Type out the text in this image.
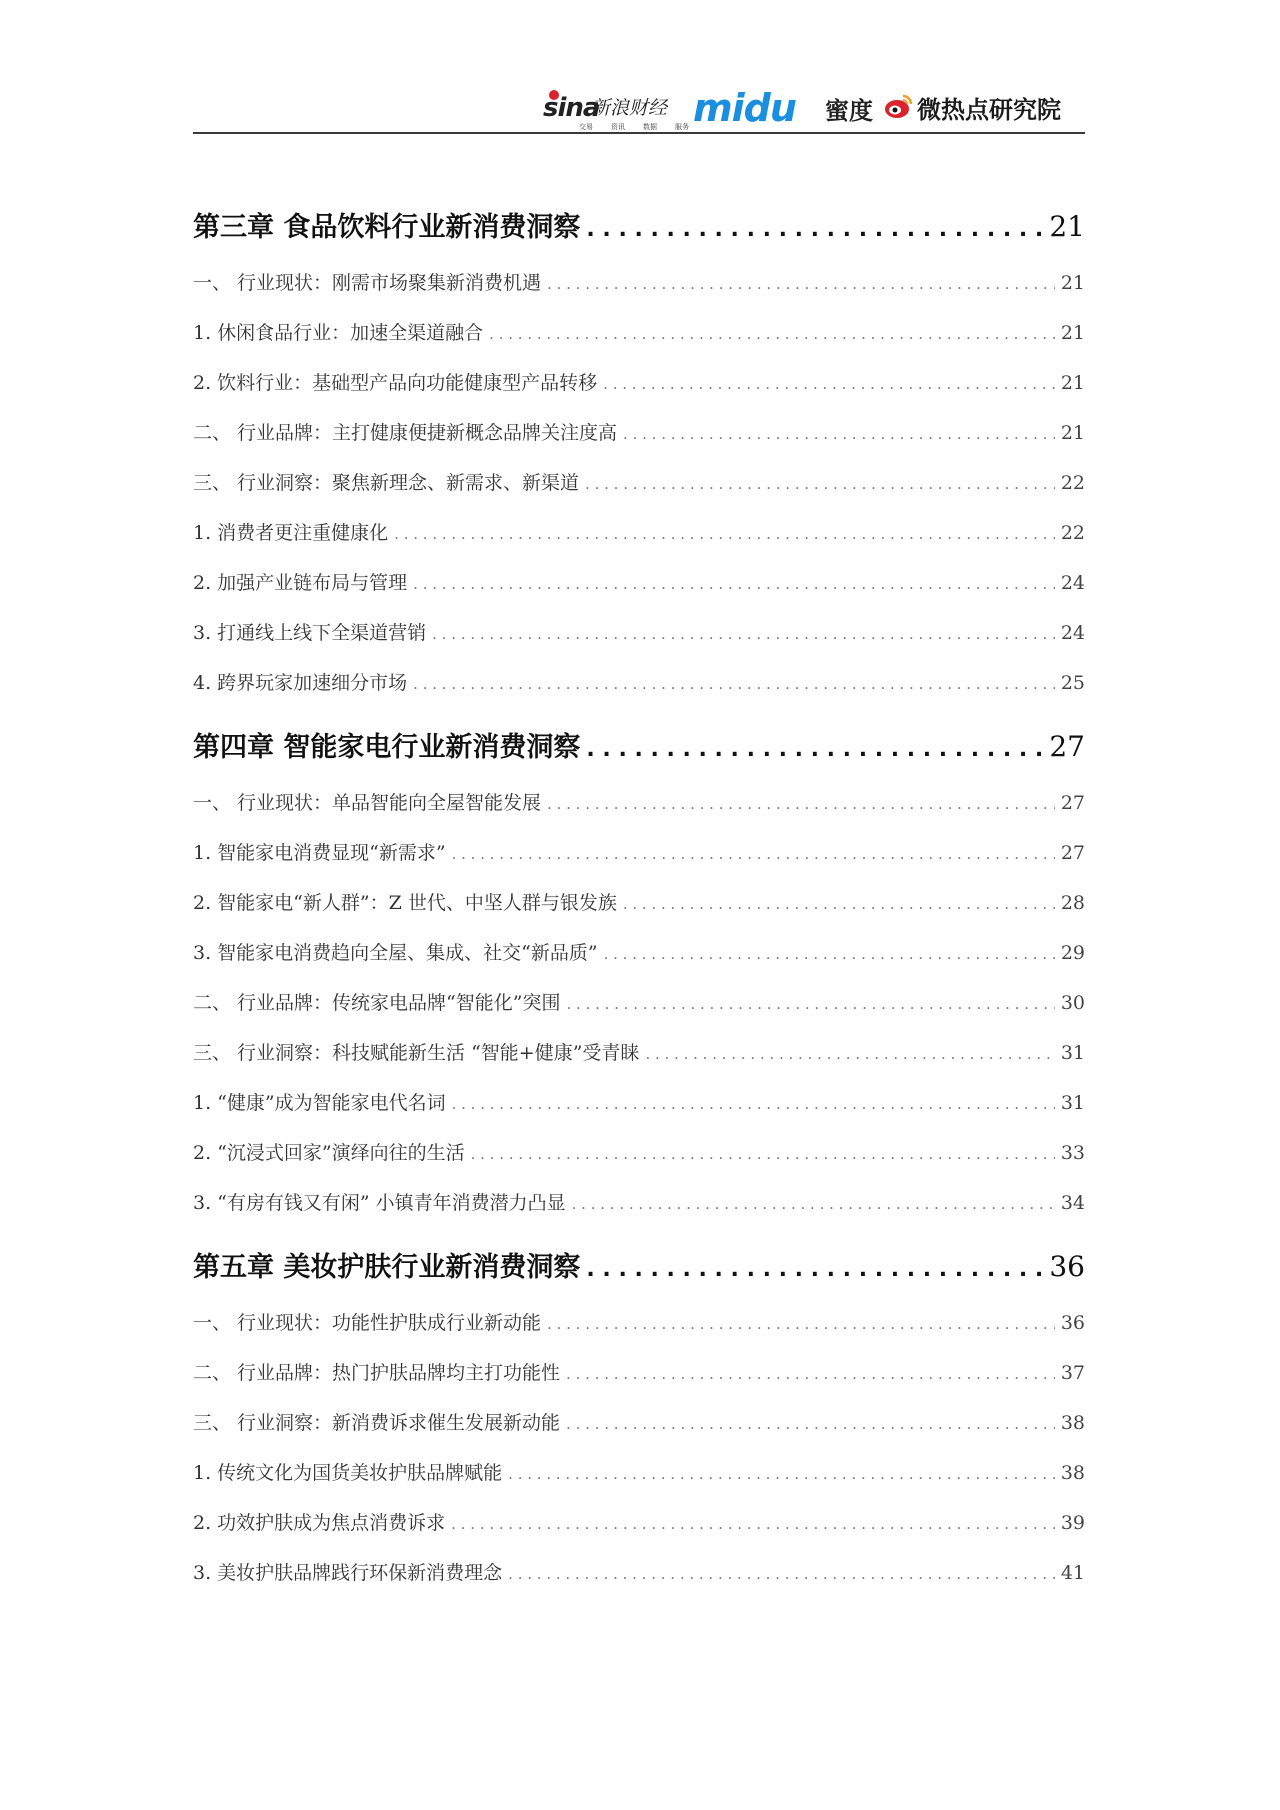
sina
新浪财经
交易	资讯	数据	服务 midu 蜜度 微热点研究院
第三章 食品饮料行业新消费洞察 . . .	21
一、 行业现状：刚需市场聚集新消费机遇 . . .	21
1. 休闲食品行业：加速全渠道融合 . . .	21
2. 饮料行业：基础型产品向功能健康型产品转移 . . .	21
二、 行业品牌：主打健康便捷新概念品牌关注度高 . . .	21
三、 行业洞察：聚焦新理念、新需求、新渠道 . . .	22
1. 消费者更注重健康化 . . .	22
2. 加强产业链布局与管理 . . .	24
3. 打通线上线下全渠道营销 . . .	24
4. 跨界玩家加速细分市场 . . .	25
第四章 智能家电行业新消费洞察 . . .	27
一、 行业现状：单品智能向全屋智能发展 . . .	27
1. 智能家电消费显现“新需求” . . .	27
2. 智能家电“新人群”：Z 世代、中坚人群与银发族 . . .	28
3. 智能家电消费趋向全屋、集成、社交“新品质” . . .	29
二、 行业品牌：传统家电品牌“智能化”突围 . . .	30
三、 行业洞察：科技赋能新生活 “智能+健康”受青睐 . . .	31
1. “健康”成为智能家电代名词 . . .	31
2. “沉浸式回家”演绎向往的生活 . . .	33
3. “有房有钱又有闲” 小镇青年消费潜力凸显 . . .	34
第五章 美妆护肤行业新消费洞察 . . .	36
一、 行业现状：功能性护肤成行业新动能 . . .	36
二、 行业品牌：热门护肤品牌均主打功能性 . . .	37
三、 行业洞察：新消费诉求催生发展新动能 . . .	38
1. 传统文化为国货美妆护肤品牌赋能 . . .	38
2. 功效护肤成为焦点消费诉求 . . .	39
3. 美妆护肤品牌践行环保新消费理念 . . .	41
